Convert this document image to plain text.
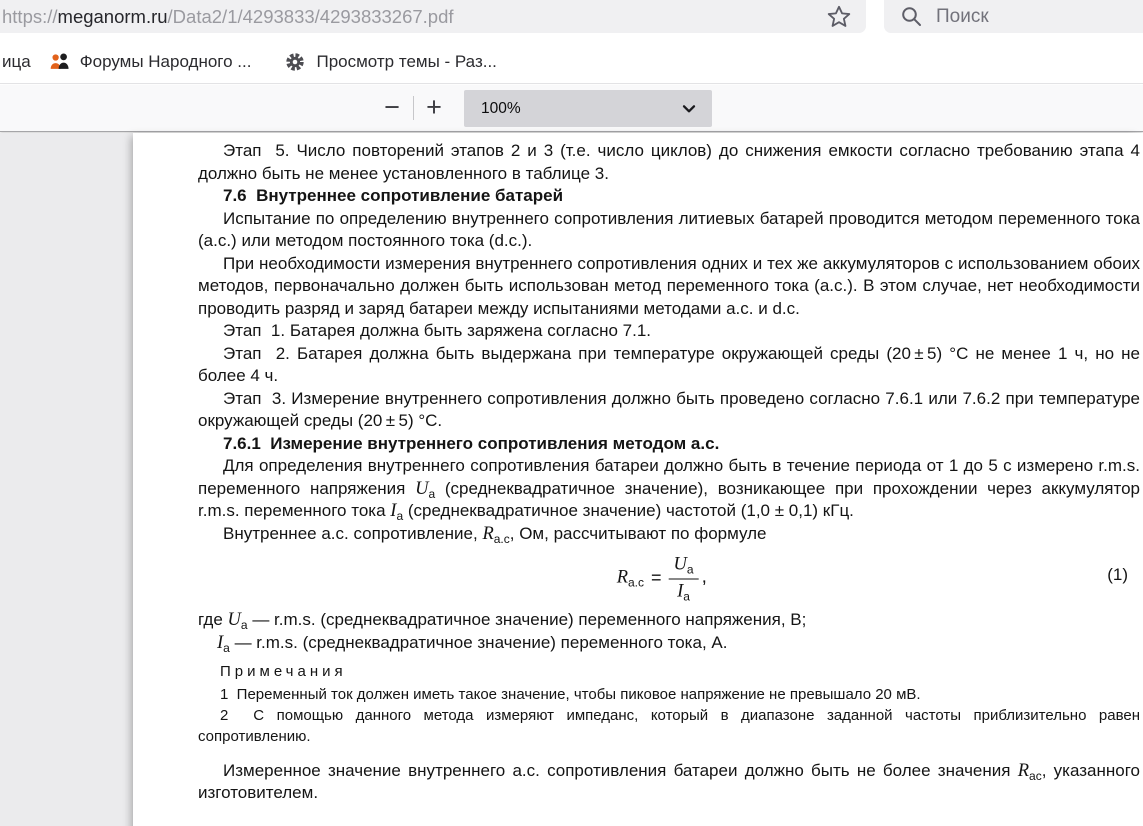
https://meganorm.ru/Data2/1/4293833/4293833267.pdf	Поиск
ица	Форумы Народного ...	Просмотр темы - Раз...
− +	100%
Этап  5. Число повторений этапов 2 и 3 (т.е. число циклов) до снижения емкости согласно требованию этапа 4 должно быть не менее установленного в таблице 3.
7.6  Внутреннее сопротивление батарей
Испытание по определению внутреннего сопротивления литиевых батарей проводится методом переменного тока (a.c.) или методом постоянного тока (d.c.).
При необходимости измерения внутреннего сопротивления одних и тех же аккумуляторов с использованием обоих методов, первоначально должен быть использован метод переменного тока (a.c.). В этом случае, нет необходимости проводить разряд и заряд батареи между испытаниями методами a.c. и d.c.
Этап  1. Батарея должна быть заряжена согласно 7.1.
Этап  2. Батарея должна быть выдержана при температуре окружающей среды (20 ± 5) °С не менее 1 ч, но не более 4 ч.
Этап  3. Измерение внутреннего сопротивления должно быть проведено согласно 7.6.1 или 7.6.2 при температуре окружающей среды (20 ± 5) °С.
7.6.1  Измерение внутреннего сопротивления методом a.c.
Для определения внутреннего сопротивления батареи должно быть в течение периода от 1 до 5 с измерено r.m.s. переменного напряжения $U_а$ (среднеквадратичное значение), возникающее при прохождении через аккумулятор r.m.s. переменного тока $I_а$ (среднеквадратичное значение) частотой (1,0 ± 0,1) кГц.
Внутреннее a.c. сопротивление, $R_{a.c}$, Ом, рассчитывают по формуле
$R_{a.c} = \frac{U_а}{I_а}$ ,	(1)
где $U_а$ — r.m.s. (среднеквадратичное значение) переменного напряжения, В;
$I_а$ — r.m.s. (среднеквадратичное значение) переменного тока, А.
Примечания
1  Переменный ток должен иметь такое значение, чтобы пиковое напряжение не превышало 20 мВ.
2  С помощью данного метода измеряют импеданс, который в диапазоне заданной частоты приблизительно равен сопротивлению.
Измеренное значение внутреннего a.c. сопротивления батареи должно быть не более значения $R_{ac}$, указанного изготовителем.
